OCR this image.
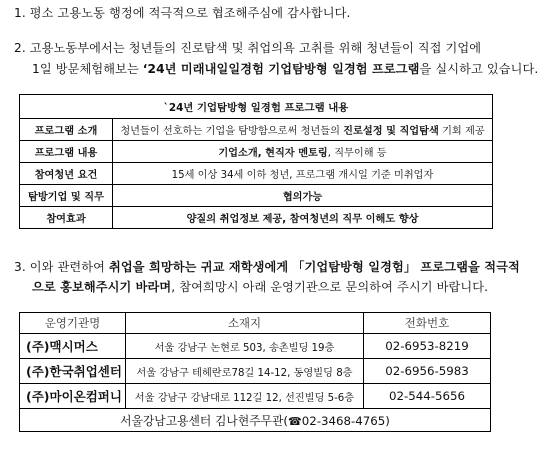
1. 평소 고용노동 행정에 적극적으로 협조해주심에 감사합니다.
2. 고용노동부에서는 청년들의 진로탐색 및 취업의욕 고취를 위해 청년들이 직접 기업에
1일 방문체험해보는 ‘24년 미래내일일경험 기업탐방형 일경험 프로그램을 실시하고 있습니다.
`24년 기업탐방형 일경험 프로그램 내용	
프로그램 소개	청년들이 선호하는 기업을 탐방함으로써 청년들의 진로설정 및 직업탐색 기회 제공
프로그램 내용	기업소개, 현직자 멘토링, 직무이해 등
참여청년 요건	15세 이상 34세 이하 청년, 프로그램 개시일 기준 미취업자
탐방기업 및 직무	협의가능
참여효과	양질의 취업정보 제공, 참여청년의 직무 이해도 향상
3. 이와 관련하여 취업을 희망하는 귀교 재학생에게 「기업탐방형 일경험」 프로그램을 적극적
으로 홍보해주시기 바라며, 참여희망시 아래 운영기관으로 문의하여 주시기 바랍니다.
운영기관명	소재지	전화번호
(주)맥시머스	서울 강남구 논현로 503, 송촌빌딩 19층	02-6953-8219
(주)한국취업센터	서울 강남구 테헤란로78길 14-12, 동영빌딩 8층	02-6956-5983
(주)마이온컴퍼니	서울 강남구 강남대로 112길 12, 선진빌딩 5-6층	02-544-5656
서울강남고용센터 김나현주무관(☎02-3468-4765)		
